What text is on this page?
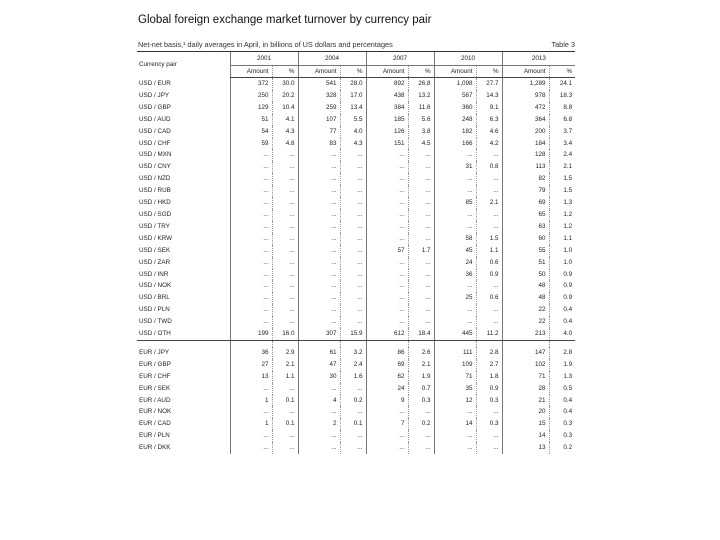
Global foreign exchange market turnover by currency pair
Net-net basis,¹ daily averages in April, in billions of US dollars and percentages	Table 3
Currency pair	2001		2004		2007		2010		2013	
	Amount	%	Amount	%	Amount	%	Amount	%	Amount	%
USD / EUR	372	30.0	541	28.0	892	26.8	1,098	27.7	1,289	24.1
USD / JPY	250	20.2	328	17.0	438	13.2	567	14.3	978	18.3
USD / GBP	129	10.4	259	13.4	384	11.6	360	9.1	472	8.8
USD / AUD	51	4.1	107	5.5	185	5.6	248	6.3	364	6.8
USD / CAD	54	4.3	77	4.0	126	3.8	182	4.6	200	3.7
USD / CHF	59	4.8	83	4.3	151	4.5	166	4.2	184	3.4
USD / MXN	...	...	...	...	...	...	...	...	128	2.4
USD / CNY	...	...	...	...	...	...	31	0.8	113	2.1
USD / NZD	...	...	...	...	...	...	...	...	82	1.5
USD / RUB	...	...	...	...	...	...	...	...	79	1.5
USD / HKD	...	...	...	...	...	...	85	2.1	69	1.3
USD / SGD	...	...	...	...	...	...	...	...	65	1.2
USD / TRY	...	...	...	...	...	...	...	...	63	1.2
USD / KRW	...	...	...	...	...	...	58	1.5	60	1.1
USD / SEK	...	...	...	...	57	1.7	45	1.1	55	1.0
USD / ZAR	...	...	...	...	...	...	24	0.6	51	1.0
USD / INR	...	...	...	...	...	...	36	0.9	50	0.9
USD / NOK	...	...	...	...	...	...	...	...	48	0.9
USD / BRL	...	...	...	...	...	...	25	0.6	48	0.9
USD / PLN	...	...	...	...	...	...	...	...	22	0.4
USD / TWD	...	...	...	...	...	...	...	...	22	0.4
USD / OTH	199	16.0	307	15.9	612	18.4	445	11.2	213	4.0

EUR / JPY	36	2.9	61	3.2	86	2.6	111	2.8	147	2.8
EUR / GBP	27	2.1	47	2.4	69	2.1	109	2.7	102	1.9
EUR / CHF	13	1.1	30	1.6	62	1.9	71	1.8	71	1.3
EUR / SEK	...	...	...	...	24	0.7	35	0.9	28	0.5
EUR / AUD	1	0.1	4	0.2	9	0.3	12	0.3	21	0.4
EUR / NOK	...	...	...	...	...	...	...	...	20	0.4
EUR / CAD	1	0.1	2	0.1	7	0.2	14	0.3	15	0.3
EUR / PLN	...	...	...	...	...	...	...	...	14	0.3
EUR / DKK	...	...	...	...	...	...	...	...	13	0.2
